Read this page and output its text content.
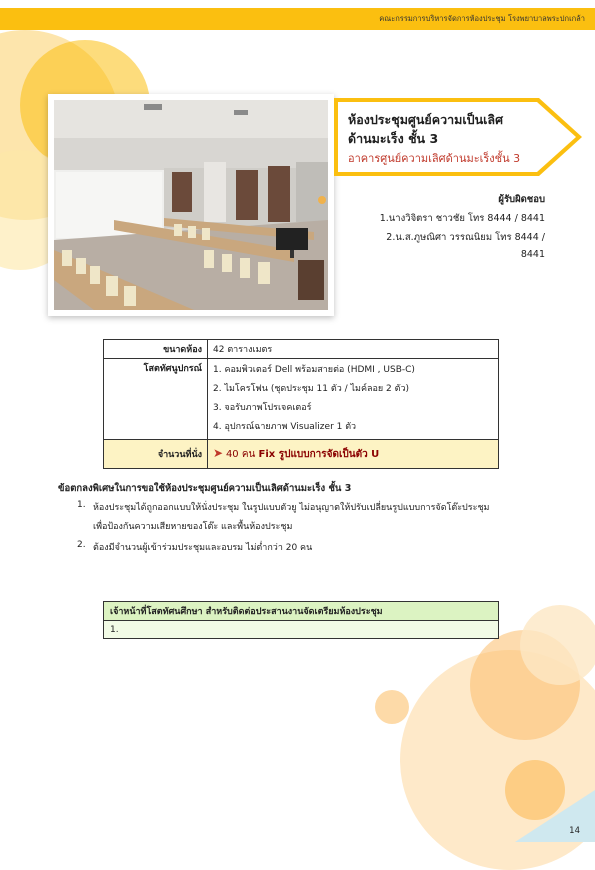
คณะกรรมการบริหารจัดการห้องประชุม โรงพยาบาลพระปกเกล้า
ห้องประชุมศูนย์ความเป็นเลิศ
ด้านมะเร็ง ชั้น 3
อาคารศูนย์ความเลิศด้านมะเร็งชั้น 3
ผู้รับผิดชอบ
1.นางวิจิตรา ชาวชัย โทร 8444 / 8441
2.น.ส.ภูษณิศา วรรณนิยม โทร 8444 /
8441
ขนาดห้อง	42 ตารางเมตร
โสตทัศนูปกรณ์	1. คอมพิวเตอร์ Dell พร้อมสายต่อ (HDMI , USB-C)
2. ไมโครโฟน (ชุดประชุม 11 ตัว / ไมค์ลอย 2 ตัว)
3. จอรับภาพโปรเจคเตอร์
4. อุปกรณ์ฉายภาพ Visualizer 1 ตัว

จำนวนที่นั่ง	➤ 40 คน Fix รูปแบบการจัดเป็นตัว U
ข้อตกลงพิเศษในการขอใช้ห้องประชุมศูนย์ความเป็นเลิศด้านมะเร็ง ชั้น 3
1. ห้องประชุมได้ถูกออกแบบให้นั่งประชุม ในรูปแบบตัวยู ไม่อนุญาตให้ปรับเปลี่ยนรูปแบบการจัดโต๊ะประชุม
เพื่อป้องกันความเสียหายของโต๊ะ และพื้นห้องประชุม
2. ต้องมีจำนวนผู้เข้าร่วมประชุมและอบรม ไม่ต่ำกว่า 20 คน
เจ้าหน้าที่โสตทัศนศึกษา สำหรับติดต่อประสานงานจัดเตรียมห้องประชุม
1.
14
